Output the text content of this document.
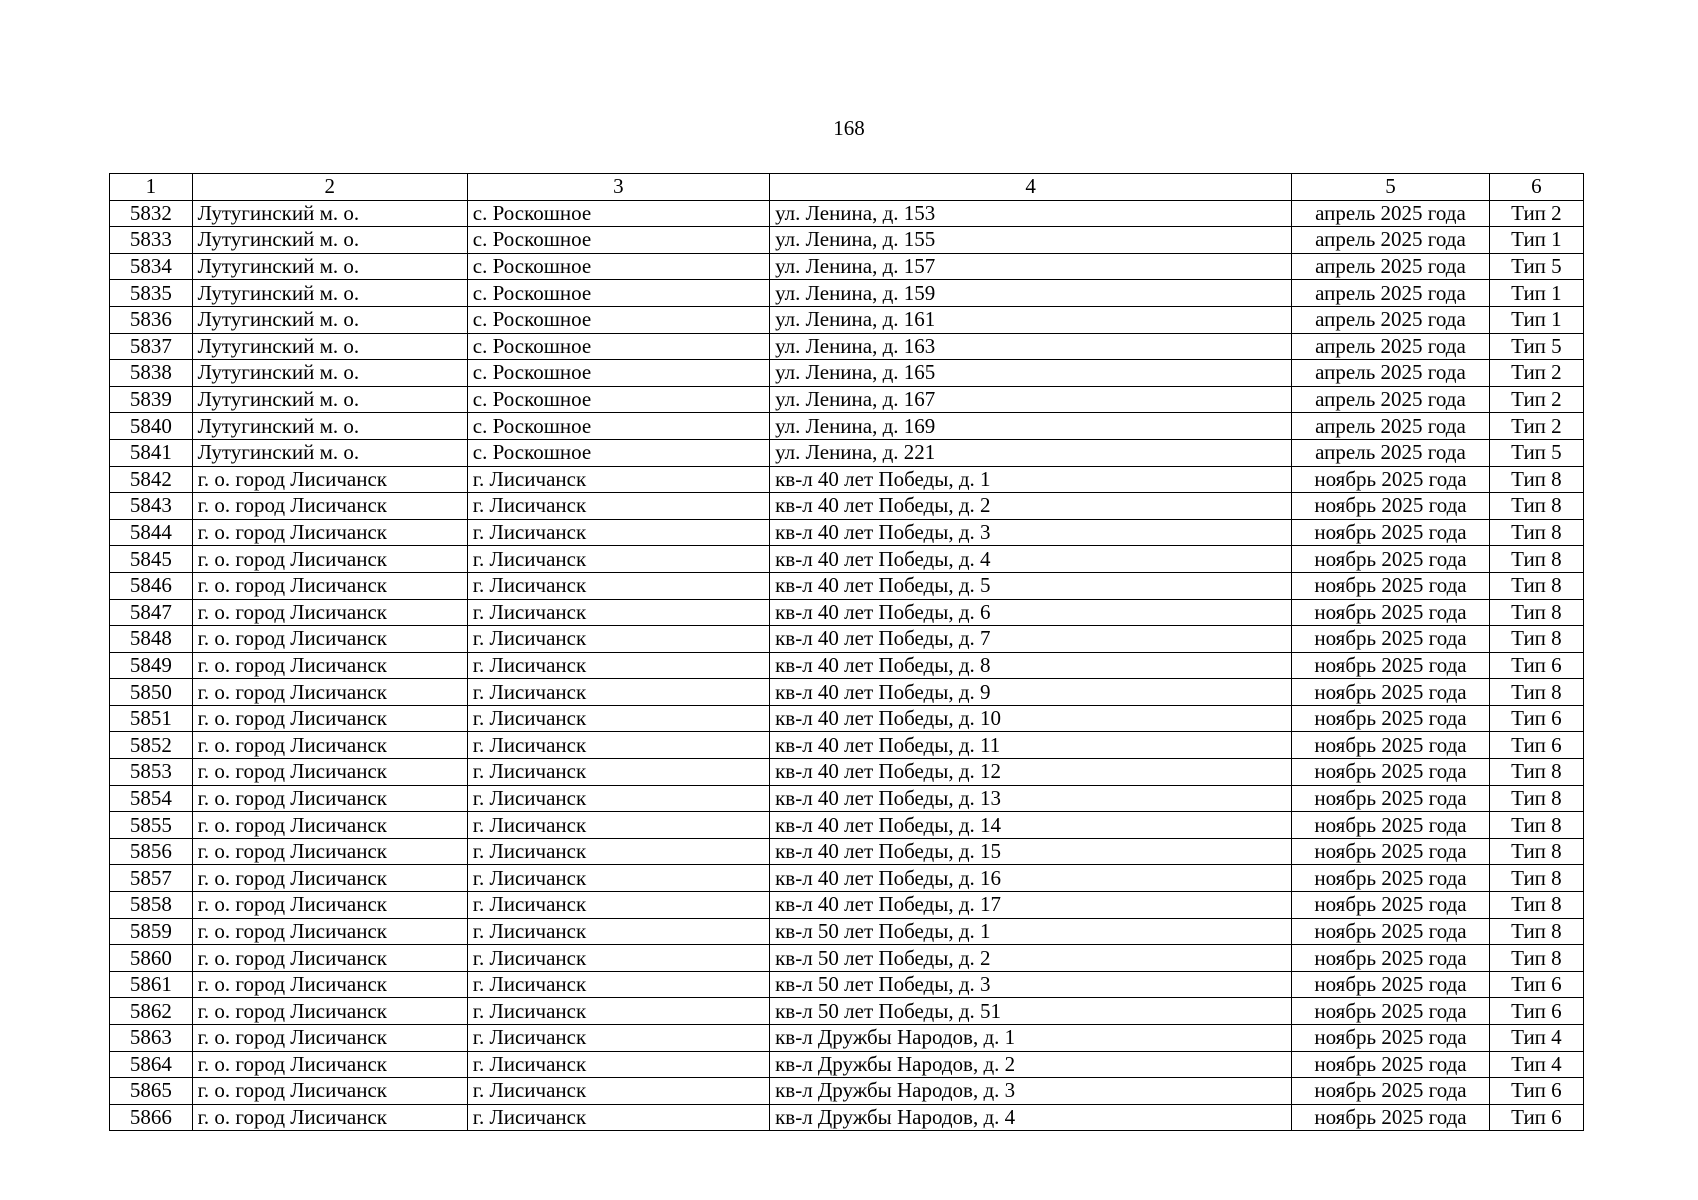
168
1	2	3	4	5	6
5832	Лутугинский м. о.	с. Роскошное	ул. Ленина, д. 153	апрель 2025 года	Тип 2
5833	Лутугинский м. о.	с. Роскошное	ул. Ленина, д. 155	апрель 2025 года	Тип 1
5834	Лутугинский м. о.	с. Роскошное	ул. Ленина, д. 157	апрель 2025 года	Тип 5
5835	Лутугинский м. о.	с. Роскошное	ул. Ленина, д. 159	апрель 2025 года	Тип 1
5836	Лутугинский м. о.	с. Роскошное	ул. Ленина, д. 161	апрель 2025 года	Тип 1
5837	Лутугинский м. о.	с. Роскошное	ул. Ленина, д. 163	апрель 2025 года	Тип 5
5838	Лутугинский м. о.	с. Роскошное	ул. Ленина, д. 165	апрель 2025 года	Тип 2
5839	Лутугинский м. о.	с. Роскошное	ул. Ленина, д. 167	апрель 2025 года	Тип 2
5840	Лутугинский м. о.	с. Роскошное	ул. Ленина, д. 169	апрель 2025 года	Тип 2
5841	Лутугинский м. о.	с. Роскошное	ул. Ленина, д. 221	апрель 2025 года	Тип 5
5842	г. о. город Лисичанск	г. Лисичанск	кв-л 40 лет Победы, д. 1	ноябрь 2025 года	Тип 8
5843	г. о. город Лисичанск	г. Лисичанск	кв-л 40 лет Победы, д. 2	ноябрь 2025 года	Тип 8
5844	г. о. город Лисичанск	г. Лисичанск	кв-л 40 лет Победы, д. 3	ноябрь 2025 года	Тип 8
5845	г. о. город Лисичанск	г. Лисичанск	кв-л 40 лет Победы, д. 4	ноябрь 2025 года	Тип 8
5846	г. о. город Лисичанск	г. Лисичанск	кв-л 40 лет Победы, д. 5	ноябрь 2025 года	Тип 8
5847	г. о. город Лисичанск	г. Лисичанск	кв-л 40 лет Победы, д. 6	ноябрь 2025 года	Тип 8
5848	г. о. город Лисичанск	г. Лисичанск	кв-л 40 лет Победы, д. 7	ноябрь 2025 года	Тип 8
5849	г. о. город Лисичанск	г. Лисичанск	кв-л 40 лет Победы, д. 8	ноябрь 2025 года	Тип 6
5850	г. о. город Лисичанск	г. Лисичанск	кв-л 40 лет Победы, д. 9	ноябрь 2025 года	Тип 8
5851	г. о. город Лисичанск	г. Лисичанск	кв-л 40 лет Победы, д. 10	ноябрь 2025 года	Тип 6
5852	г. о. город Лисичанск	г. Лисичанск	кв-л 40 лет Победы, д. 11	ноябрь 2025 года	Тип 6
5853	г. о. город Лисичанск	г. Лисичанск	кв-л 40 лет Победы, д. 12	ноябрь 2025 года	Тип 8
5854	г. о. город Лисичанск	г. Лисичанск	кв-л 40 лет Победы, д. 13	ноябрь 2025 года	Тип 8
5855	г. о. город Лисичанск	г. Лисичанск	кв-л 40 лет Победы, д. 14	ноябрь 2025 года	Тип 8
5856	г. о. город Лисичанск	г. Лисичанск	кв-л 40 лет Победы, д. 15	ноябрь 2025 года	Тип 8
5857	г. о. город Лисичанск	г. Лисичанск	кв-л 40 лет Победы, д. 16	ноябрь 2025 года	Тип 8
5858	г. о. город Лисичанск	г. Лисичанск	кв-л 40 лет Победы, д. 17	ноябрь 2025 года	Тип 8
5859	г. о. город Лисичанск	г. Лисичанск	кв-л 50 лет Победы, д. 1	ноябрь 2025 года	Тип 8
5860	г. о. город Лисичанск	г. Лисичанск	кв-л 50 лет Победы, д. 2	ноябрь 2025 года	Тип 8
5861	г. о. город Лисичанск	г. Лисичанск	кв-л 50 лет Победы, д. 3	ноябрь 2025 года	Тип 6
5862	г. о. город Лисичанск	г. Лисичанск	кв-л 50 лет Победы, д. 51	ноябрь 2025 года	Тип 6
5863	г. о. город Лисичанск	г. Лисичанск	кв-л Дружбы Народов, д. 1	ноябрь 2025 года	Тип 4
5864	г. о. город Лисичанск	г. Лисичанск	кв-л Дружбы Народов, д. 2	ноябрь 2025 года	Тип 4
5865	г. о. город Лисичанск	г. Лисичанск	кв-л Дружбы Народов, д. 3	ноябрь 2025 года	Тип 6
5866	г. о. город Лисичанск	г. Лисичанск	кв-л Дружбы Народов, д. 4	ноябрь 2025 года	Тип 6
